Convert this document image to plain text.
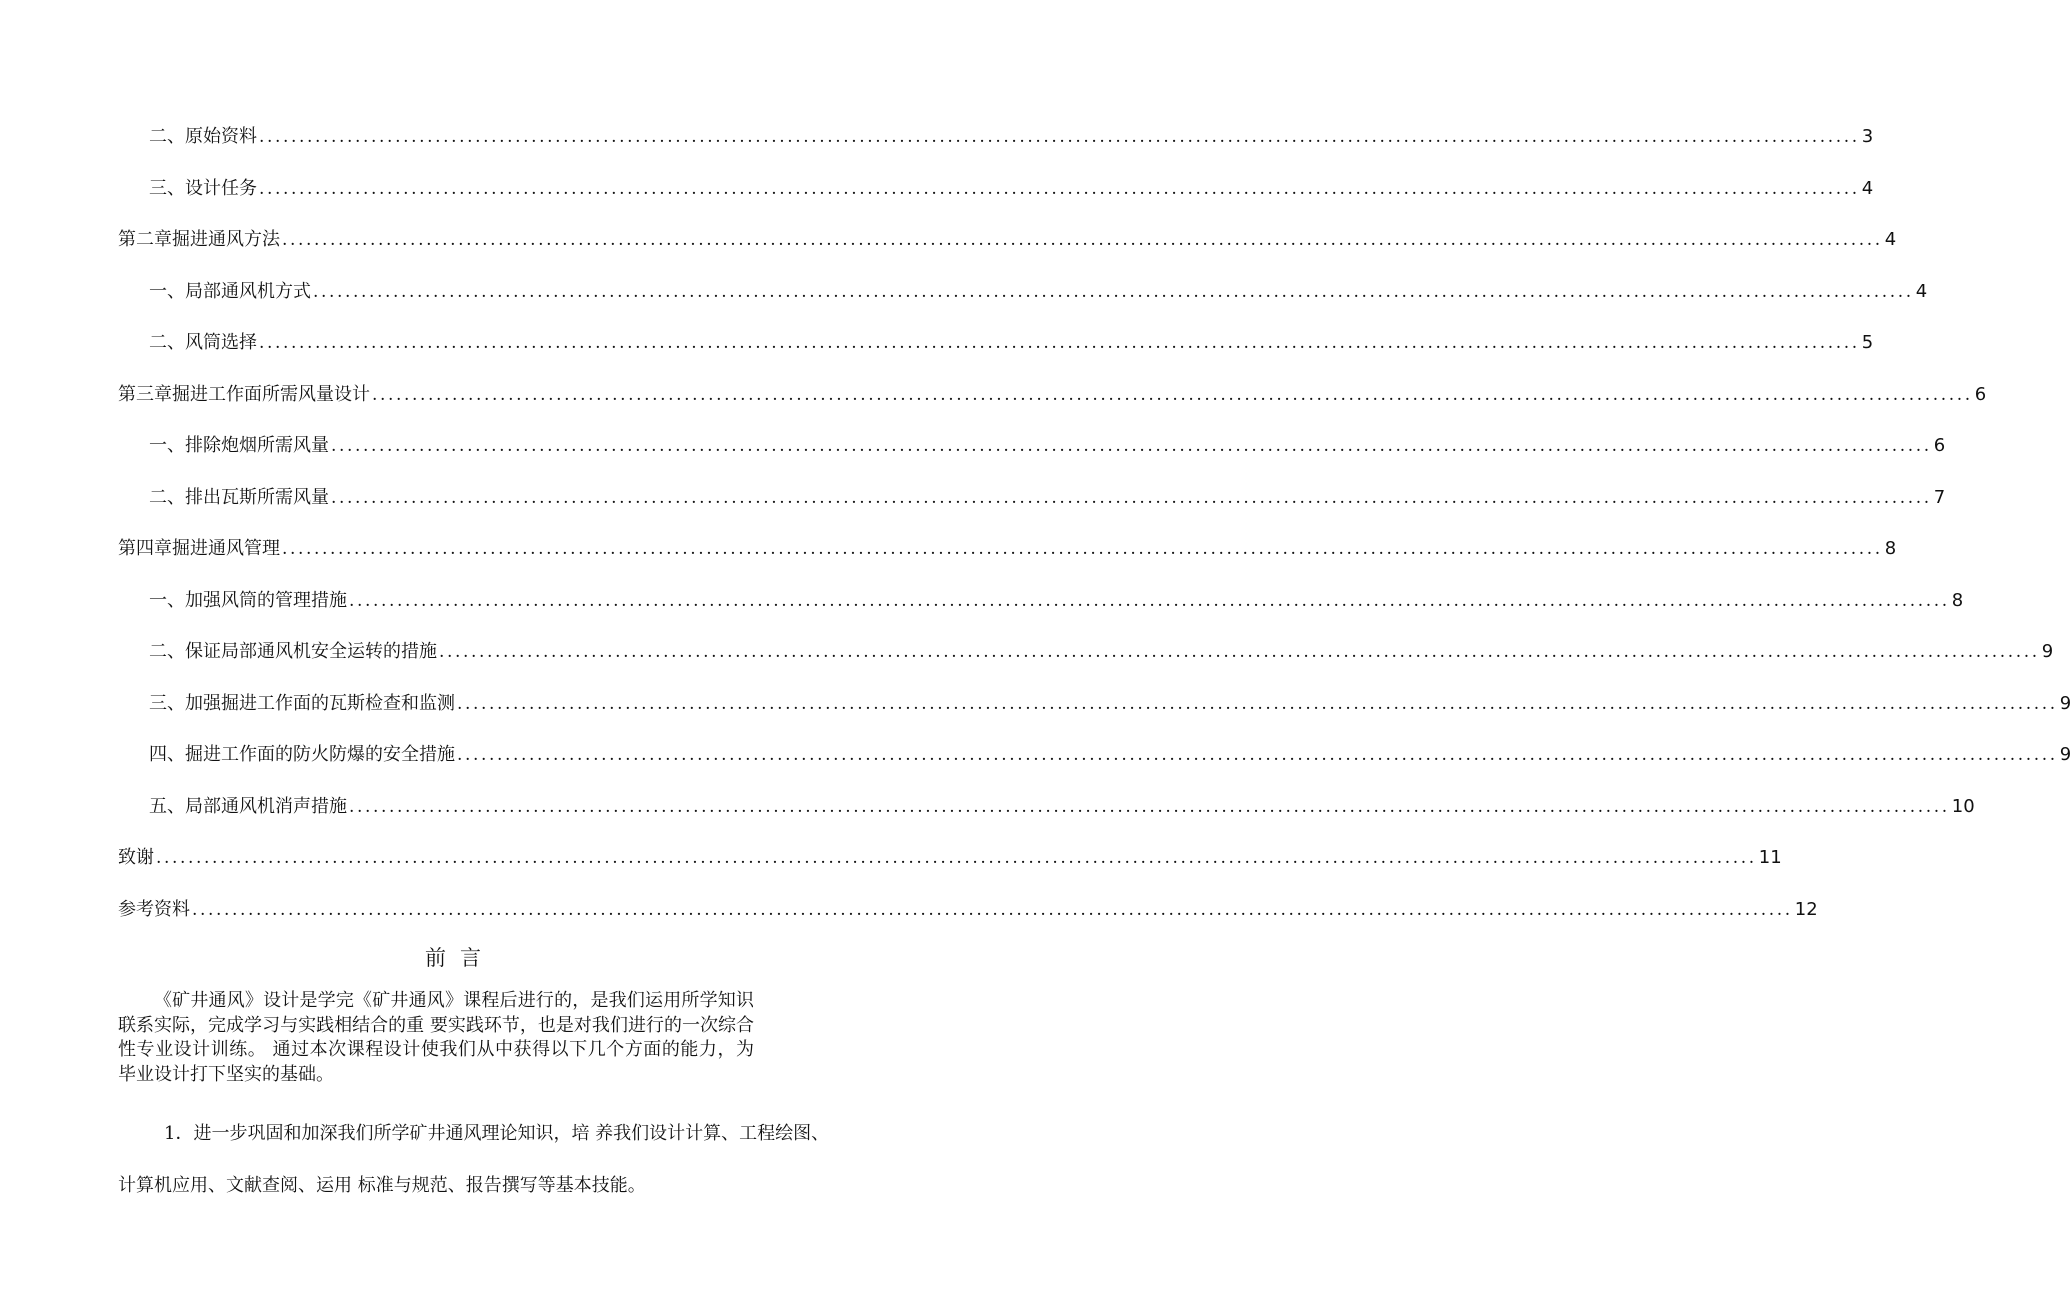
二、原始资料 ........................................................................................................................................................................................................ 3
三、设计任务 ........................................................................................................................................................................................................ 4
第二章掘进通风方法 ........................................................................................................................................................................................................ 4
一、局部通风机方式 ........................................................................................................................................................................................................ 4
二、风筒选择 ........................................................................................................................................................................................................ 5
第三章掘进工作面所需风量设计 ........................................................................................................................................................................................................ 6
一、排除炮烟所需风量 ........................................................................................................................................................................................................ 6
二、排出瓦斯所需风量 ........................................................................................................................................................................................................ 7
第四章掘进通风管理 ........................................................................................................................................................................................................ 8
一、加强风筒的管理措施 ........................................................................................................................................................................................................ 8
二、保证局部通风机安全运转的措施 ........................................................................................................................................................................................................ 9
三、加强掘进工作面的瓦斯检查和监测 ........................................................................................................................................................................................................ 9
四、掘进工作面的防火防爆的安全措施 ........................................................................................................................................................................................................ 9
五、局部通风机消声措施 ........................................................................................................................................................................................................ 10
致谢 ........................................................................................................................................................................................................ 11
参考资料 ........................................................................................................................................................................................................ 12
前言
《矿井通风》设计是学完《矿井通风》课程后进行的，是我们运用所学知识联系实际，完成学习与实践相结合的重 要实践环节，也是对我们进行的一次综合性专业设计训练。 通过本次课程设计使我们从中获得以下几个方面的能力，为 毕业设计打下坚实的基础。
1．进一步巩固和加深我们所学矿井通风理论知识，培 养我们设计计算、工程绘图、计算机应用、文献查阅、运用 标准与规范、报告撰写等基本技能。
